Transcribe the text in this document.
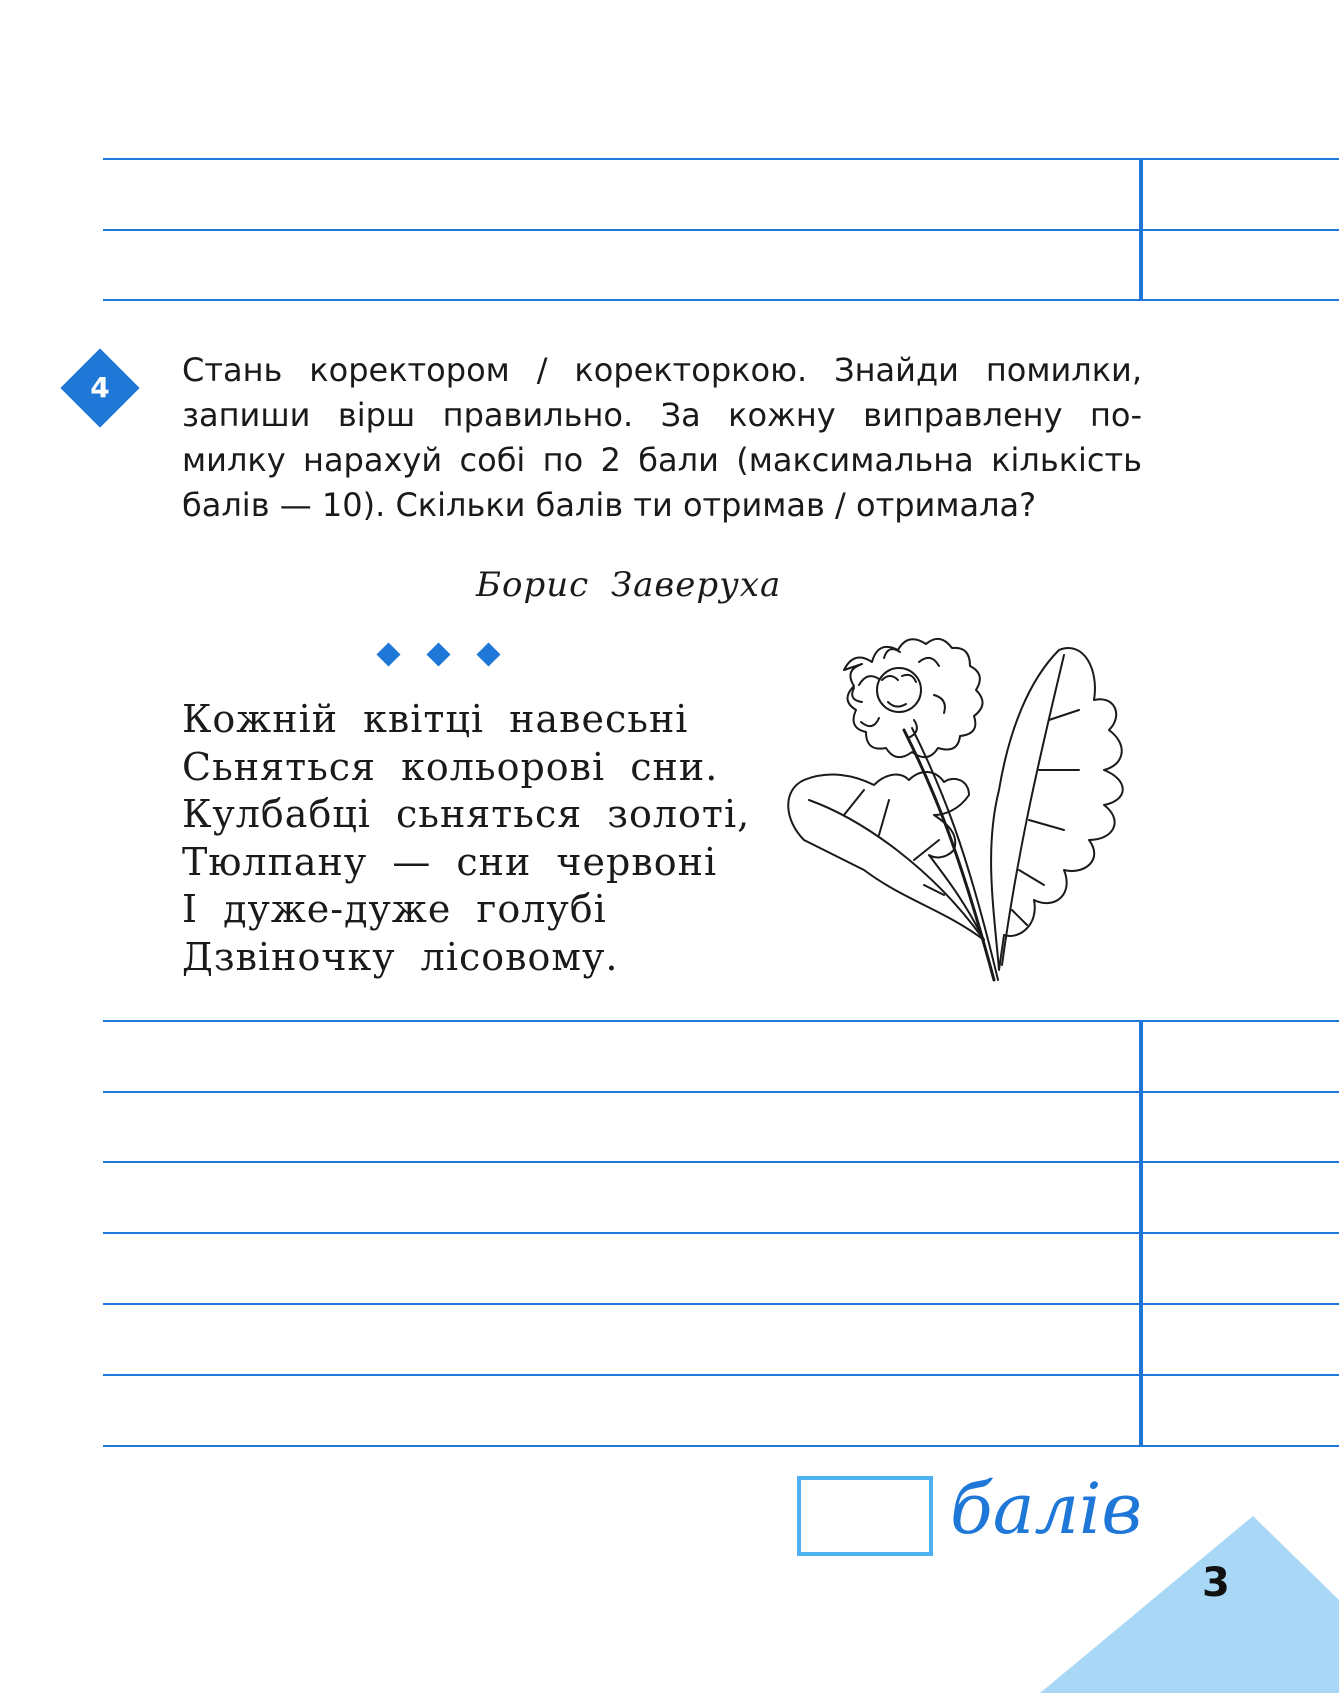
4	Стань коректором / коректоркою. Знайди помилки,
запиши вірш правильно. За кожну виправлену по-
милку нарахуй собі по 2 бали (максимальна кількість
балів — 10). Скільки балів ти отримав / отримала?
Борис Заверуха
Кожній квітці навесьні
Сьняться кольорові сни.
Кулбабці сьняться золоті,
Тюлпану — сни червоні
І дуже-дуже голубі
Дзвіночку лісовому.
балів
3
